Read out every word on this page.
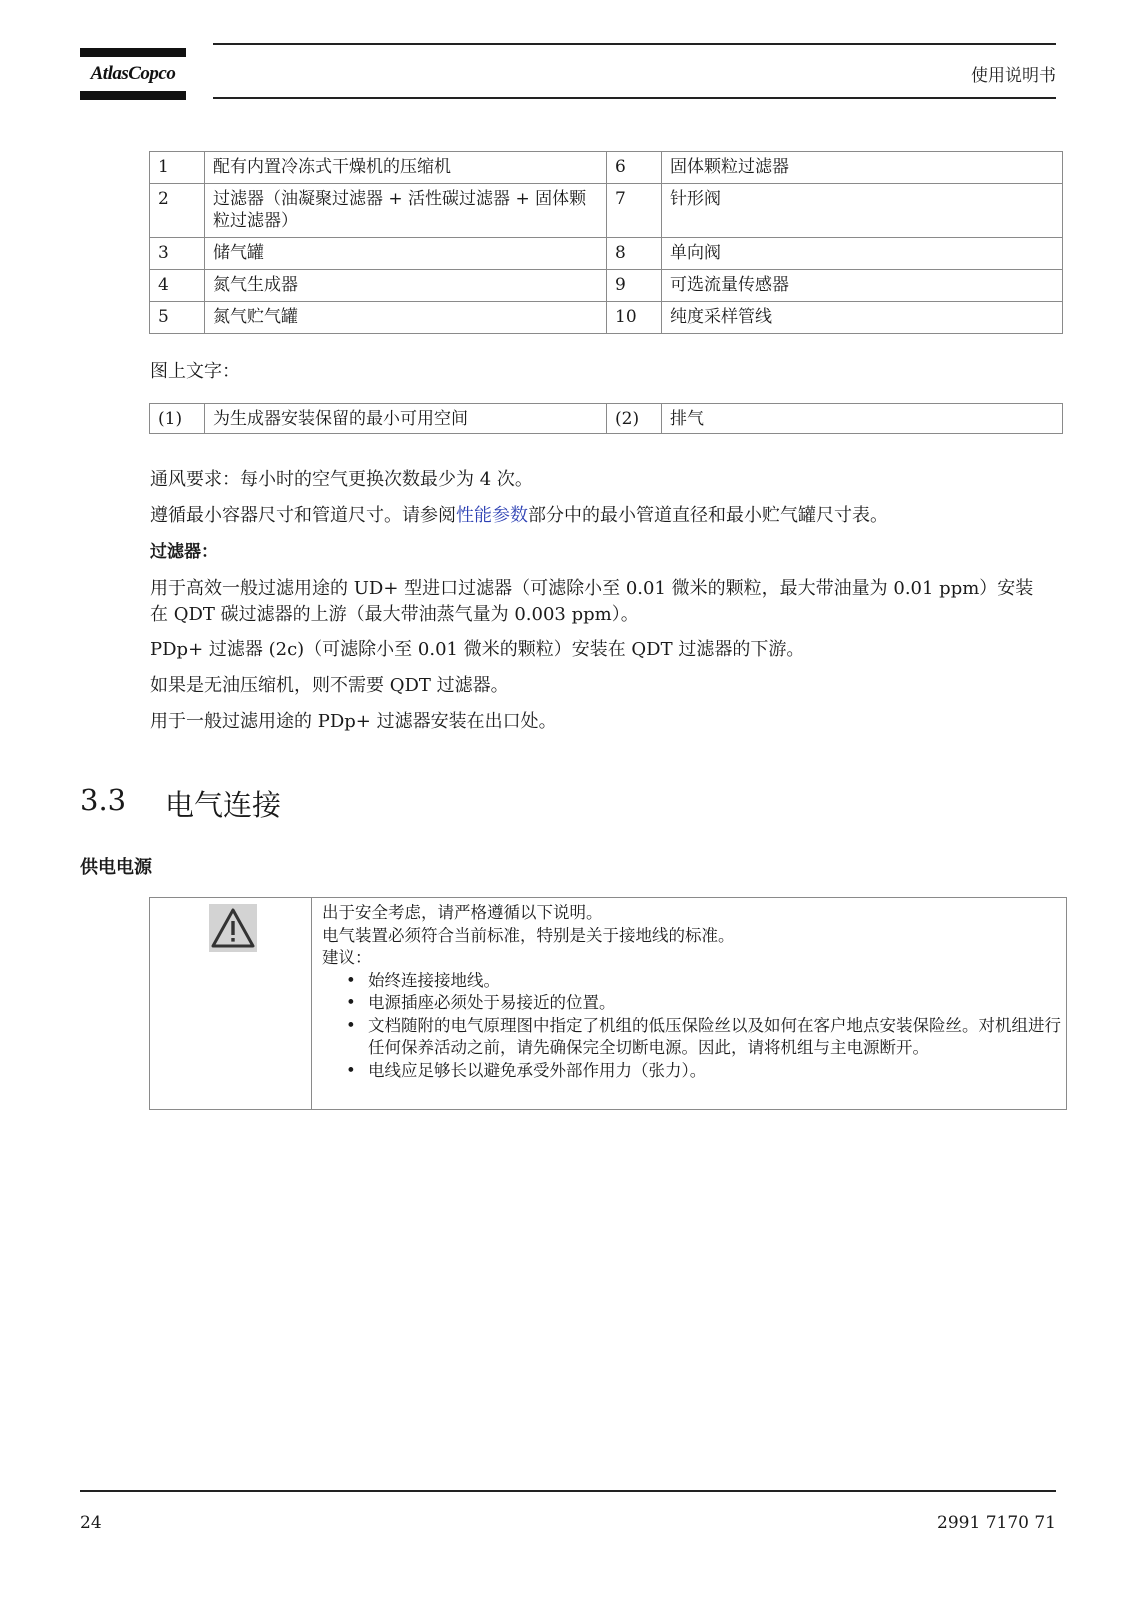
AtlasCopco	使用说明书
1	配有内置冷冻式干燥机的压缩机	6	固体颗粒过滤器
2	过滤器（油凝聚过滤器 + 活性碳过滤器 + 固体颗粒过滤器）	7	针形阀
3	储气罐	8	单向阀
4	氮气生成器	9	可选流量传感器
5	氮气贮气罐	10	纯度采样管线
图上文字：
(1)	为生成器安装保留的最小可用空间	(2)	排气
通风要求：每小时的空气更换次数最少为 4 次。
遵循最小容器尺寸和管道尺寸。请参阅性能参数部分中的最小管道直径和最小贮气罐尺寸表。
过滤器：
用于高效一般过滤用途的 UD+ 型进口过滤器（可滤除小至 0.01 微米的颗粒，最大带油量为 0.01 ppm）安装在 QDT 碳过滤器的上游（最大带油蒸气量为 0.003 ppm）。
PDp+ 过滤器 (2c)（可滤除小至 0.01 微米的颗粒）安装在 QDT 过滤器的下游。
如果是无油压缩机，则不需要 QDT 过滤器。
用于一般过滤用途的 PDp+ 过滤器安装在出口处。
3.3 电气连接
供电电源
出于安全考虑，请严格遵循以下说明。
电气装置必须符合当前标准，特别是关于接地线的标准。
建议：
• 始终连接接地线。
• 电源插座必须处于易接近的位置。
• 文档随附的电气原理图中指定了机组的低压保险丝以及如何在客户地点安装保险丝。对机组进行任何保养活动之前，请先确保完全切断电源。因此，请将机组与主电源断开。
• 电线应足够长以避免承受外部作用力（张力）。
24	2991 7170 71
